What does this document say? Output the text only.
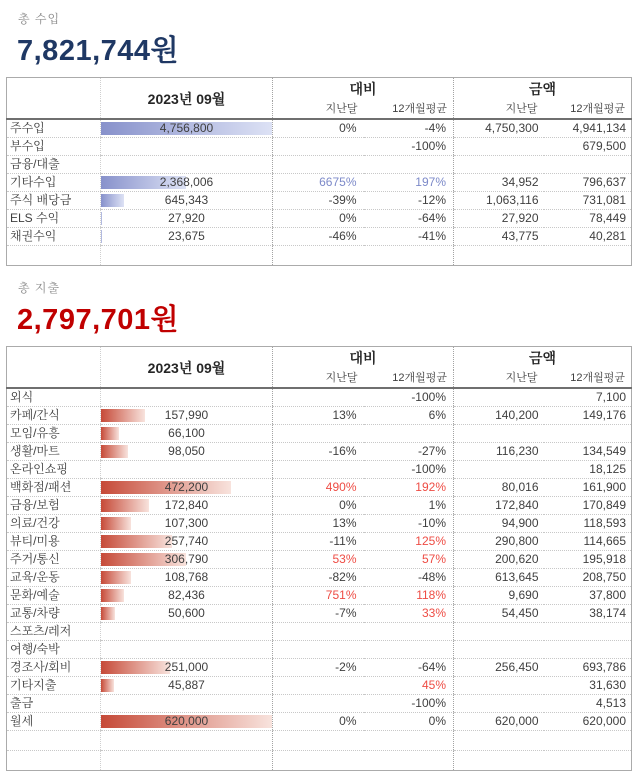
총 수입
7,821,744원
	2023년 09월	대비		금액	
		지난달	12개월평균	지난달	12개월평균
주수입	4,756,800	0%	-4%	4,750,300	4,941,134
부수입			-100%		679,500
금융/대출					
기타수입	2,368,006	6675%	197%	34,952	796,637
주식 배당금	645,343	-39%	-12%	1,063,116	731,081
ELS 수익	27,920	0%	-64%	27,920	78,449
채권수익	23,675	-46%	-41%	43,775	40,281

총 지출
2,797,701원
	2023년 09월	대비		금액	
		지난달	12개월평균	지난달	12개월평균
외식			-100%		7,100
카페/간식	157,990	13%	6%	140,200	149,176
모임/유흥	66,100				
생활/마트	98,050	-16%	-27%	116,230	134,549
온라인쇼핑			-100%		18,125
백화점/패션	472,200	490%	192%	80,016	161,900
금융/보험	172,840	0%	1%	172,840	170,849
의료/건강	107,300	13%	-10%	94,900	118,593
뷰티/미용	257,740	-11%	125%	290,800	114,665
주거/통신	306,790	53%	57%	200,620	195,918
교육/운동	108,768	-82%	-48%	613,645	208,750
문화/예술	82,436	751%	118%	9,690	37,800
교통/차량	50,600	-7%	33%	54,450	38,174
스포츠/레저					
여행/숙박					
경조사/회비	251,000	-2%	-64%	256,450	693,786
기타지출	45,887		45%		31,630
출금			-100%		4,513
월세	620,000	0%	0%	620,000	620,000
